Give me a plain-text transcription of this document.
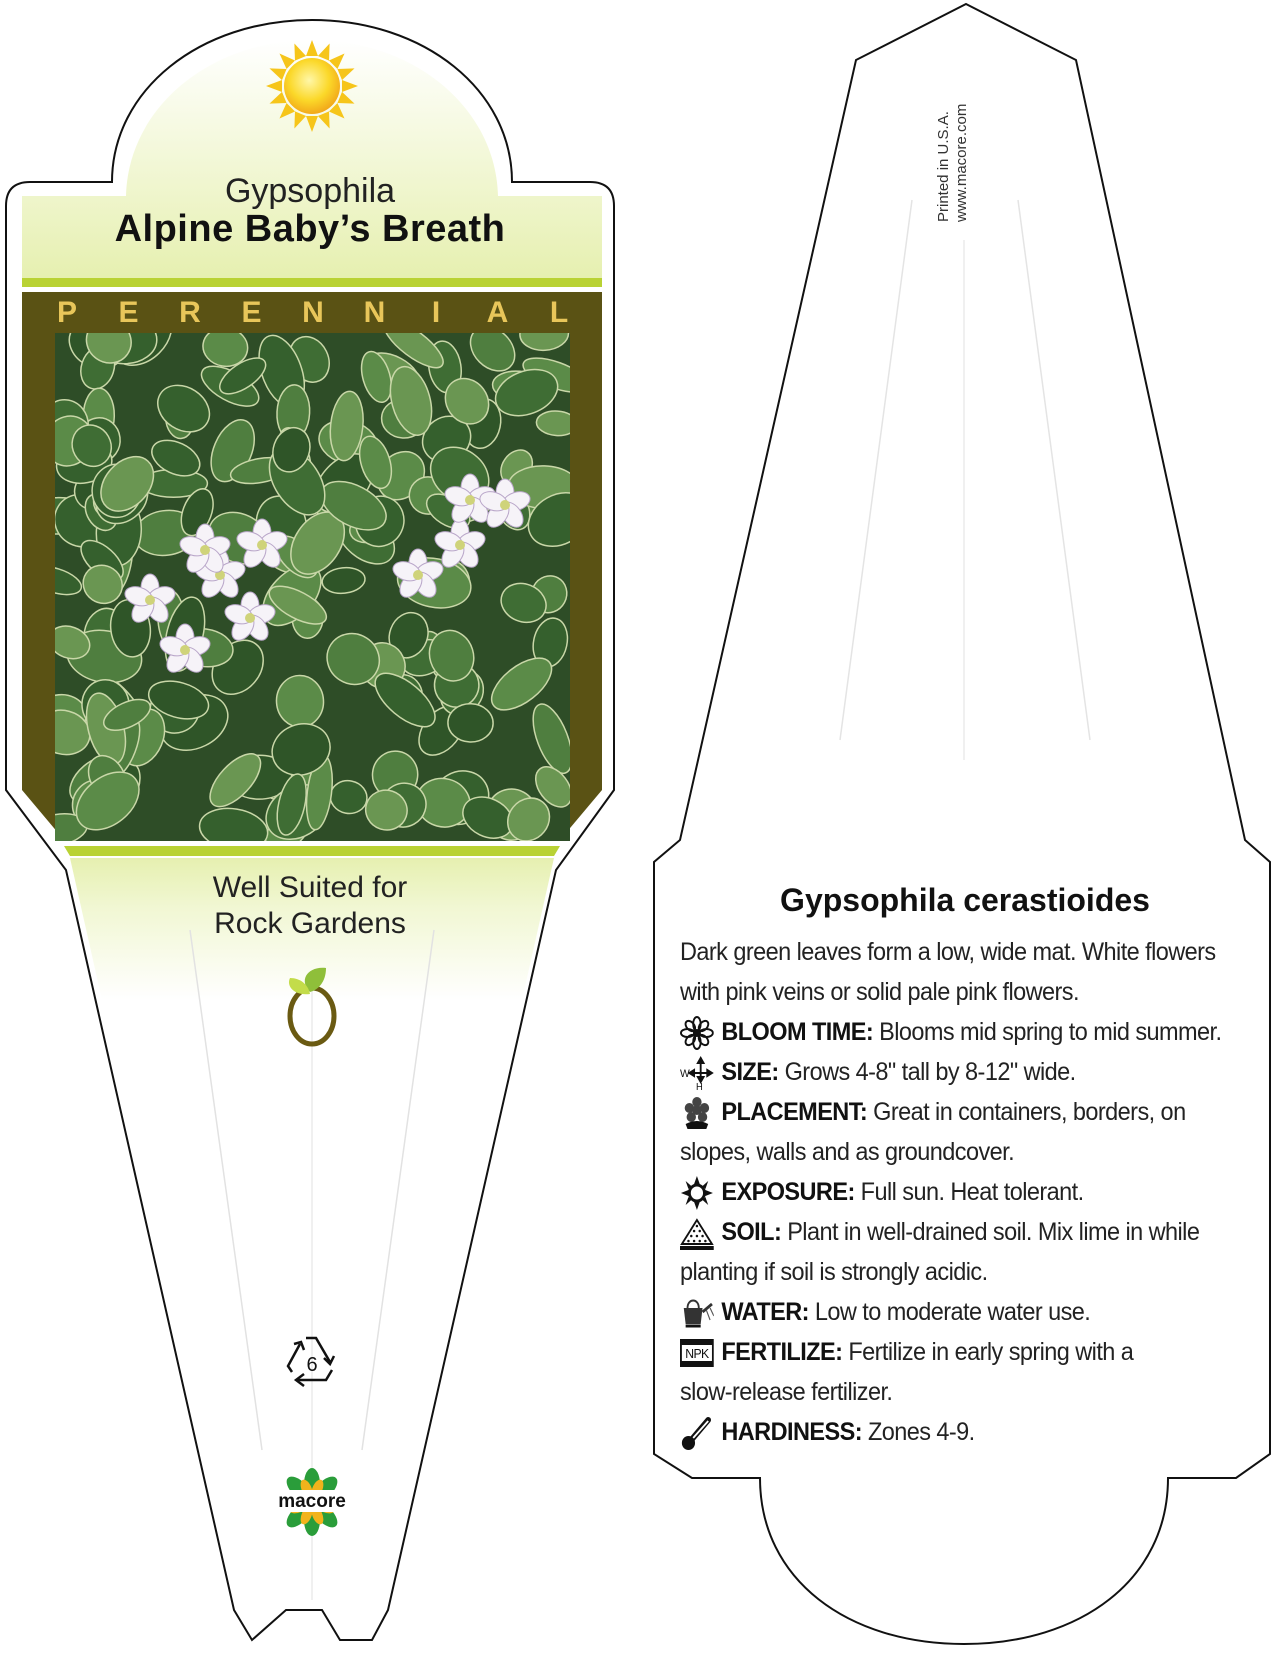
macore
Gypsophila
Alpine Baby’s Breath
P E R E N N	I	A L
Well Suited for
Rock Gardens
6
Printed in U.S.A.
www.macore.com
Gypsophila cerastioides
Dark green leaves form a low, wide mat. White flowers
with pink veins or solid pale pink flowers.
BLOOM TIME: Blooms mid spring to mid summer.
W
H
SIZE: Grows 4-8" tall by 8-12" wide.
PLACEMENT: Great in containers, borders, on
slopes, walls and as groundcover.
EXPOSURE: Full sun. Heat tolerant.
SOIL: Plant in well-drained soil. Mix lime in while
planting if soil is strongly acidic.
WATER: Low to moderate water use.
NPK FERTILIZE: Fertilize in early spring with a
slow-release fertilizer.
HARDINESS: Zones 4-9.
